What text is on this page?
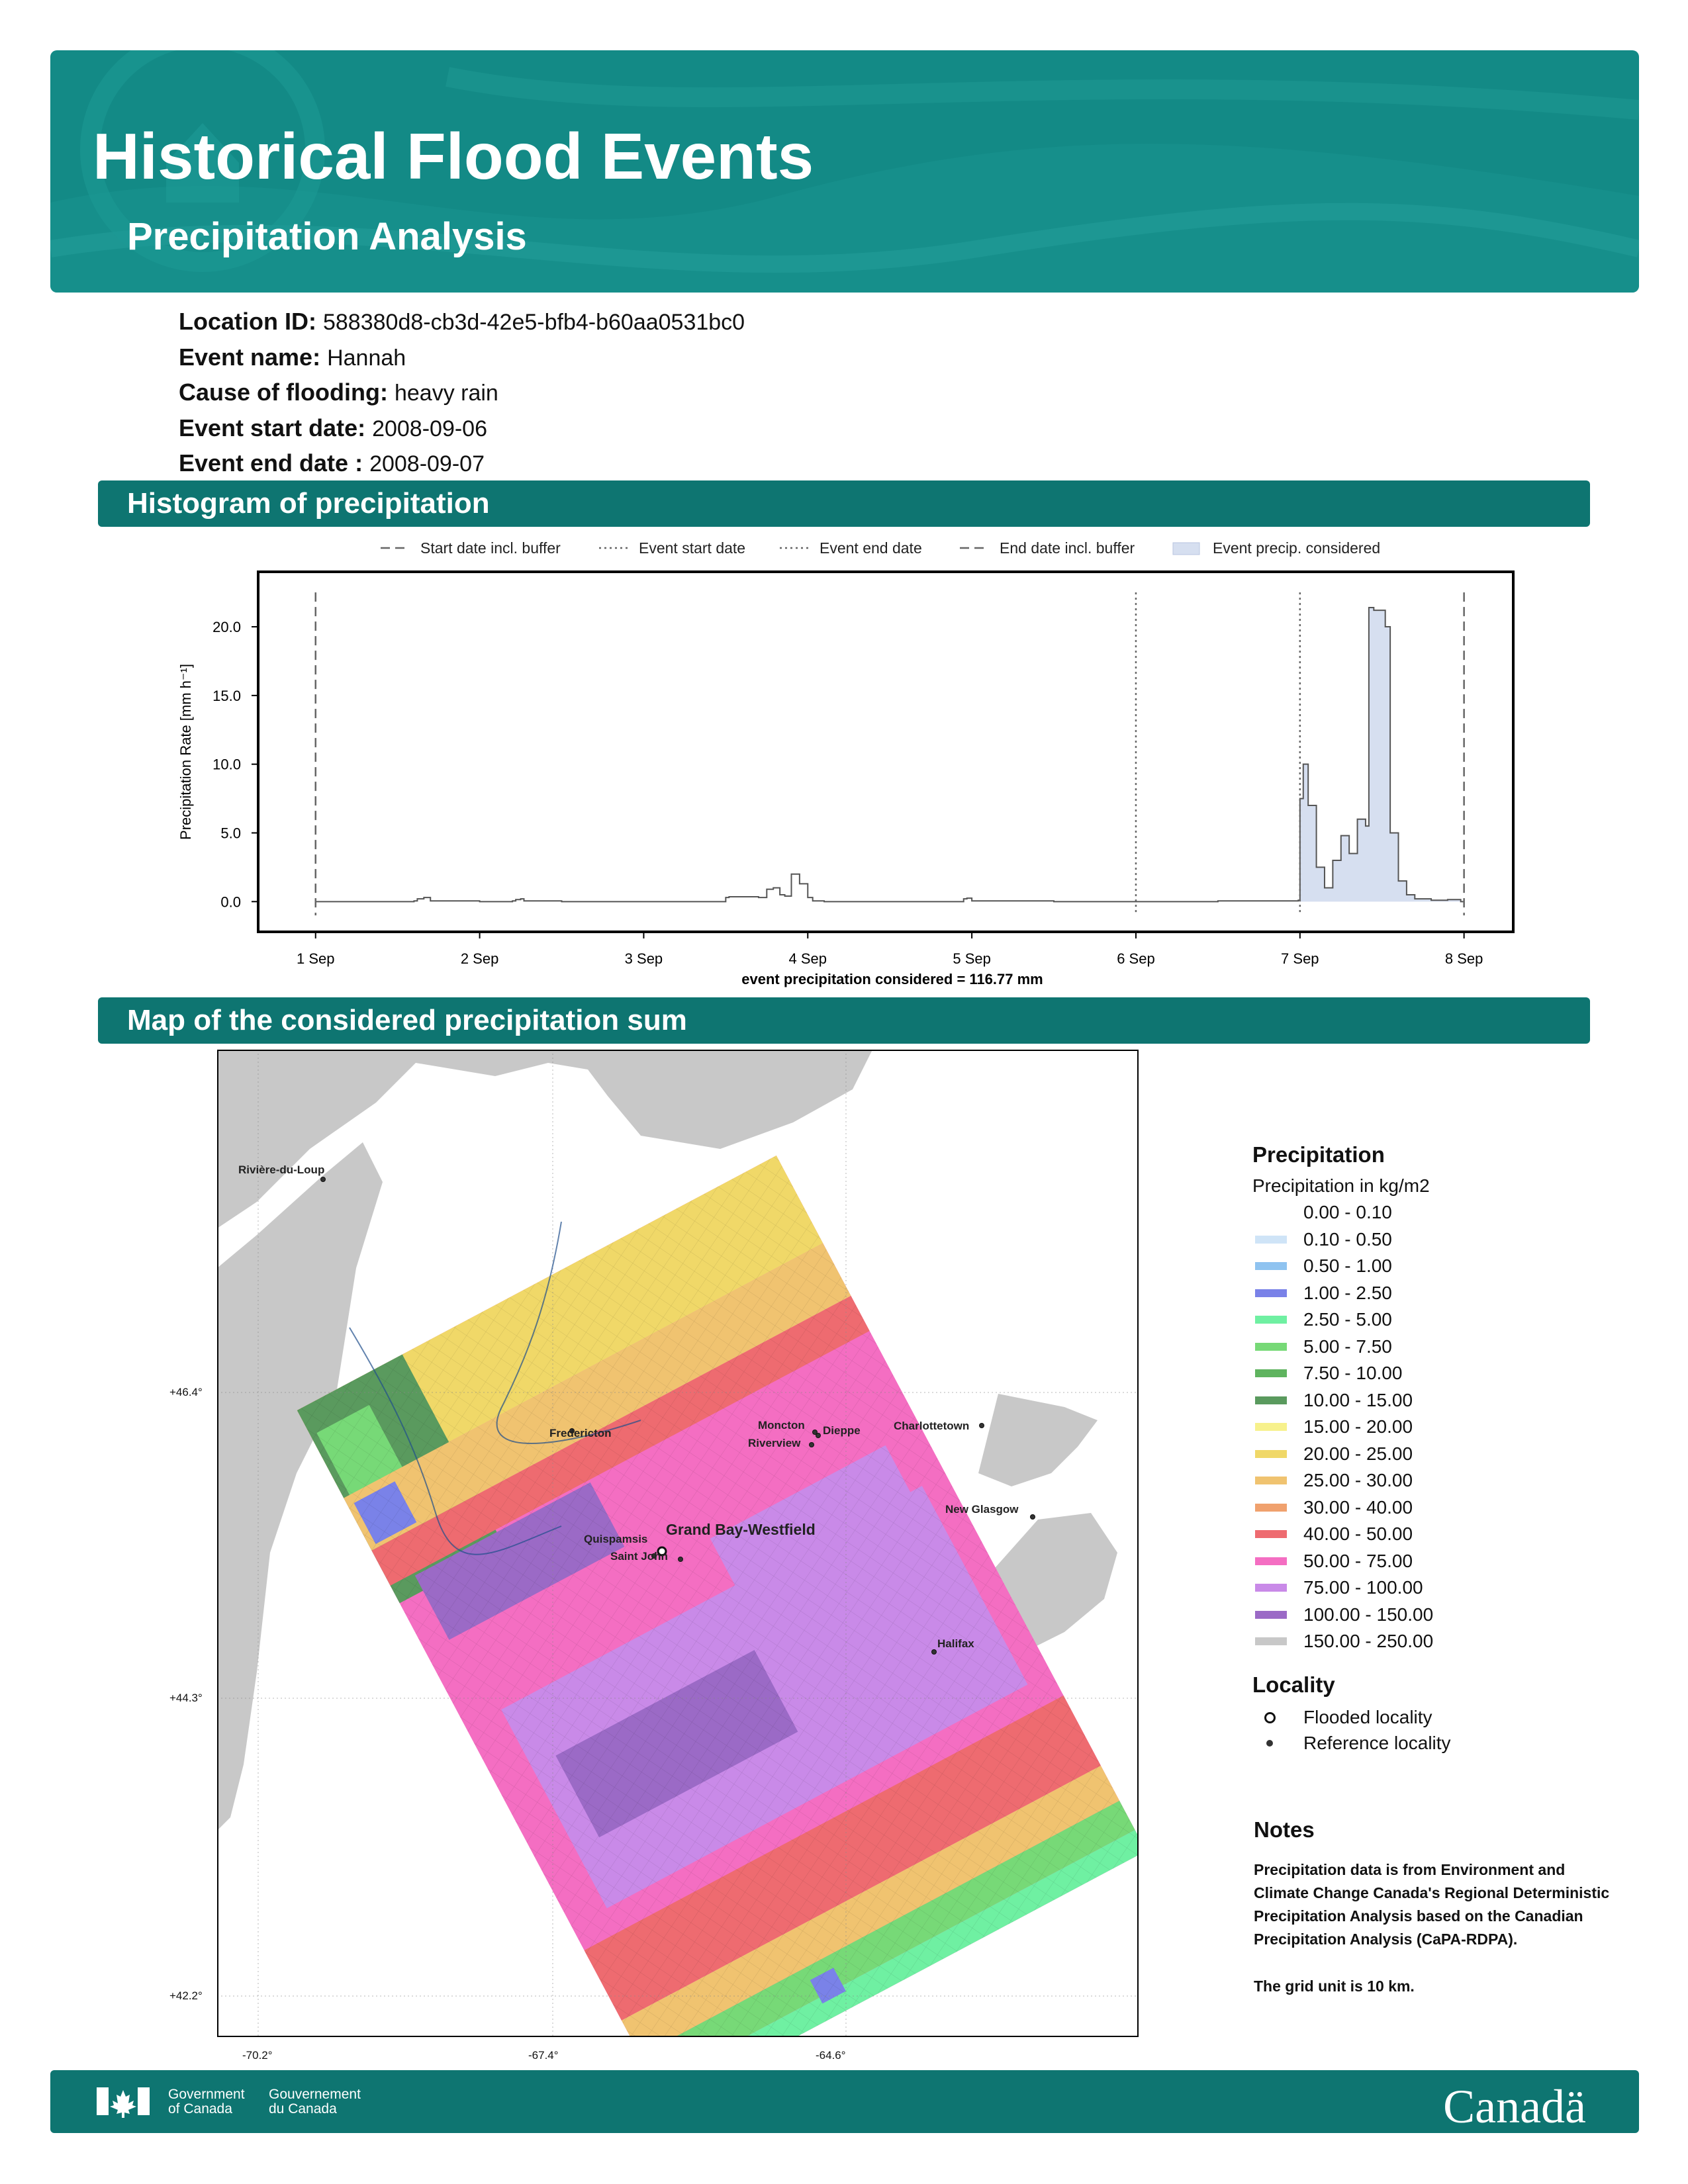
Historical Flood Events
Precipitation Analysis
Location ID: 588380d8-cb3d-42e5-bfb4-b60aa0531bc0
Event name: Hannah
Cause of flooding: heavy rain
Event start date: 2008-09-06
Event end date : 2008-09-07
Histogram of precipitation
Start date incl. buffer	Event start date	Event end date	End date incl. buffer	Event precip. considered
0.0
5.0
10.0
15.0
20.0
1 Sep	2 Sep	3 Sep	4 Sep	5 Sep	6 Sep	7 Sep	8 Sep
event precipitation considered = 116.77 mm
Precipitation Rate [mm h⁻¹]
Map of the considered precipitation sum
Rivière-du-Loup
Fredericton
Moncton Dieppe
Riverview
Charlottetown
Quispamsis
Grand Bay-Westfield
Saint John
New Glasgow
Halifax
+46.4°
+44.3°
+42.2°
-70.2°	-67.4°	-64.6°
Precipitation
Precipitation in kg/m2
0.00 - 0.10
0.10 - 0.50
0.50 - 1.00
1.00 - 2.50
2.50 - 5.00
5.00 - 7.50
7.50 - 10.00
10.00 - 15.00
15.00 - 20.00
20.00 - 25.00
25.00 - 30.00
30.00 - 40.00
40.00 - 50.00
50.00 - 75.00
75.00 - 100.00
100.00 - 150.00
150.00 - 250.00
Locality
Flooded locality
Reference locality
Notes

Precipitation data is from Environment and Climate Change Canada's Regional Deterministic Precipitation Analysis based on the Canadian Precipitation Analysis (CaPA-RDPA).

The grid unit is 10 km.

Government
of Canada
Gouvernement
du Canada	Canadä
